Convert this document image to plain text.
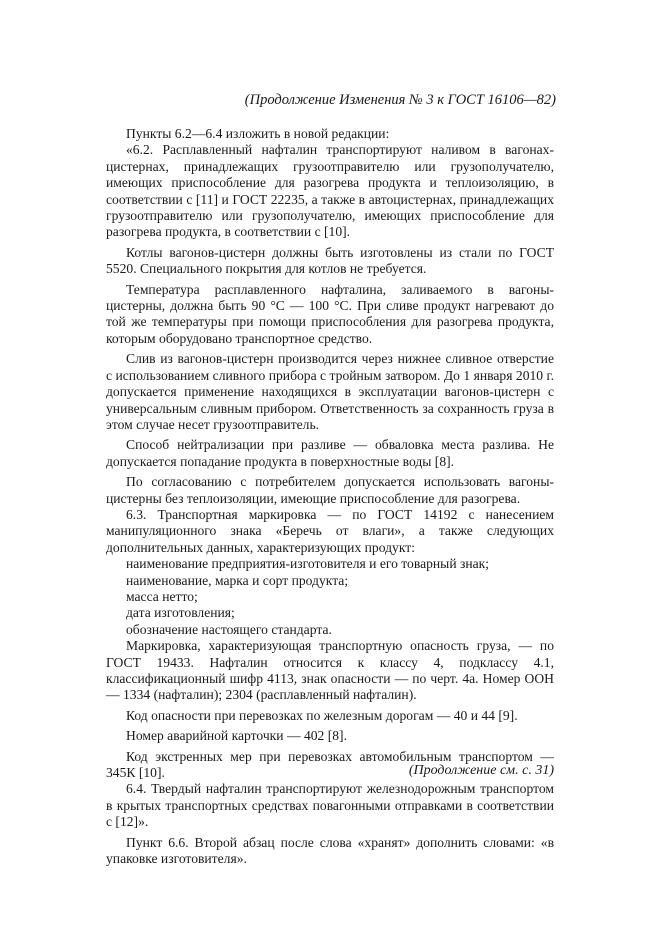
(Продолжение Изменения № 3 к ГОСТ 16106—82)

Пункты 6.2—6.4 изложить в новой редакции:

«6.2. Расплавленный нафталин транспортируют наливом в вагонах-цистернах, принадлежащих грузоотправителю или грузополучателю, имеющих приспособление для разогрева продукта и теплоизоляцию, в соответствии с [11] и ГОСТ 22235, а также в автоцистернах, принадлежащих грузоотправителю или грузополучателю, имеющих приспособление для разогрева продукта, в соответствии с [10].

Котлы вагонов-цистерн должны быть изготовлены из стали по ГОСТ 5520. Специального покрытия для котлов не требуется.

Температура расплавленного нафталина, заливаемого в вагоны-цистерны, должна быть 90 °С — 100 °С. При сливе продукт нагревают до той же температуры при помощи приспособления для разогрева продукта, которым оборудовано транспортное средство.

Слив из вагонов-цистерн производится через нижнее сливное отверстие с использованием сливного прибора с тройным затвором. До 1 января 2010 г. допускается применение находящихся в эксплуатации вагонов-цистерн с универсальным сливным прибором. Ответственность за сохранность груза в этом случае несет грузоотправитель.

Способ нейтрализации при разливе — обваловка места разлива. Не допускается попадание продукта в поверхностные воды [8].

По согласованию с потребителем допускается использовать вагоны-цистерны без теплоизоляции, имеющие приспособление для разогрева.

6.3. Транспортная маркировка — по ГОСТ 14192 с нанесением манипуляционного знака «Беречь от влаги», а также следующих дополнительных данных, характеризующих продукт:

наименование предприятия-изготовителя и его товарный знак;

наименование, марка и сорт продукта;

масса нетто;

дата изготовления;

обозначение настоящего стандарта.

Маркировка, характеризующая транспортную опасность груза, — по ГОСТ 19433. Нафталин относится к классу 4, подклассу 4.1, классификационный шифр 4113, знак опасности — по черт. 4а. Номер ООН — 1334 (нафталин); 2304 (расплавленный нафталин).

Код опасности при перевозках по железным дорогам — 40 и 44 [9].

Номер аварийной карточки — 402 [8].

Код экстренных мер при перевозках автомобильным транспортом — 345К [10].

6.4. Твердый нафталин транспортируют железнодорожным транспортом в крытых транспортных средствах повагонными отправками в соответствии с [12]».

Пункт 6.6. Второй абзац после слова «хранят» дополнить словами: «в упаковке изготовителя».

(Продолжение см. с. 31)
